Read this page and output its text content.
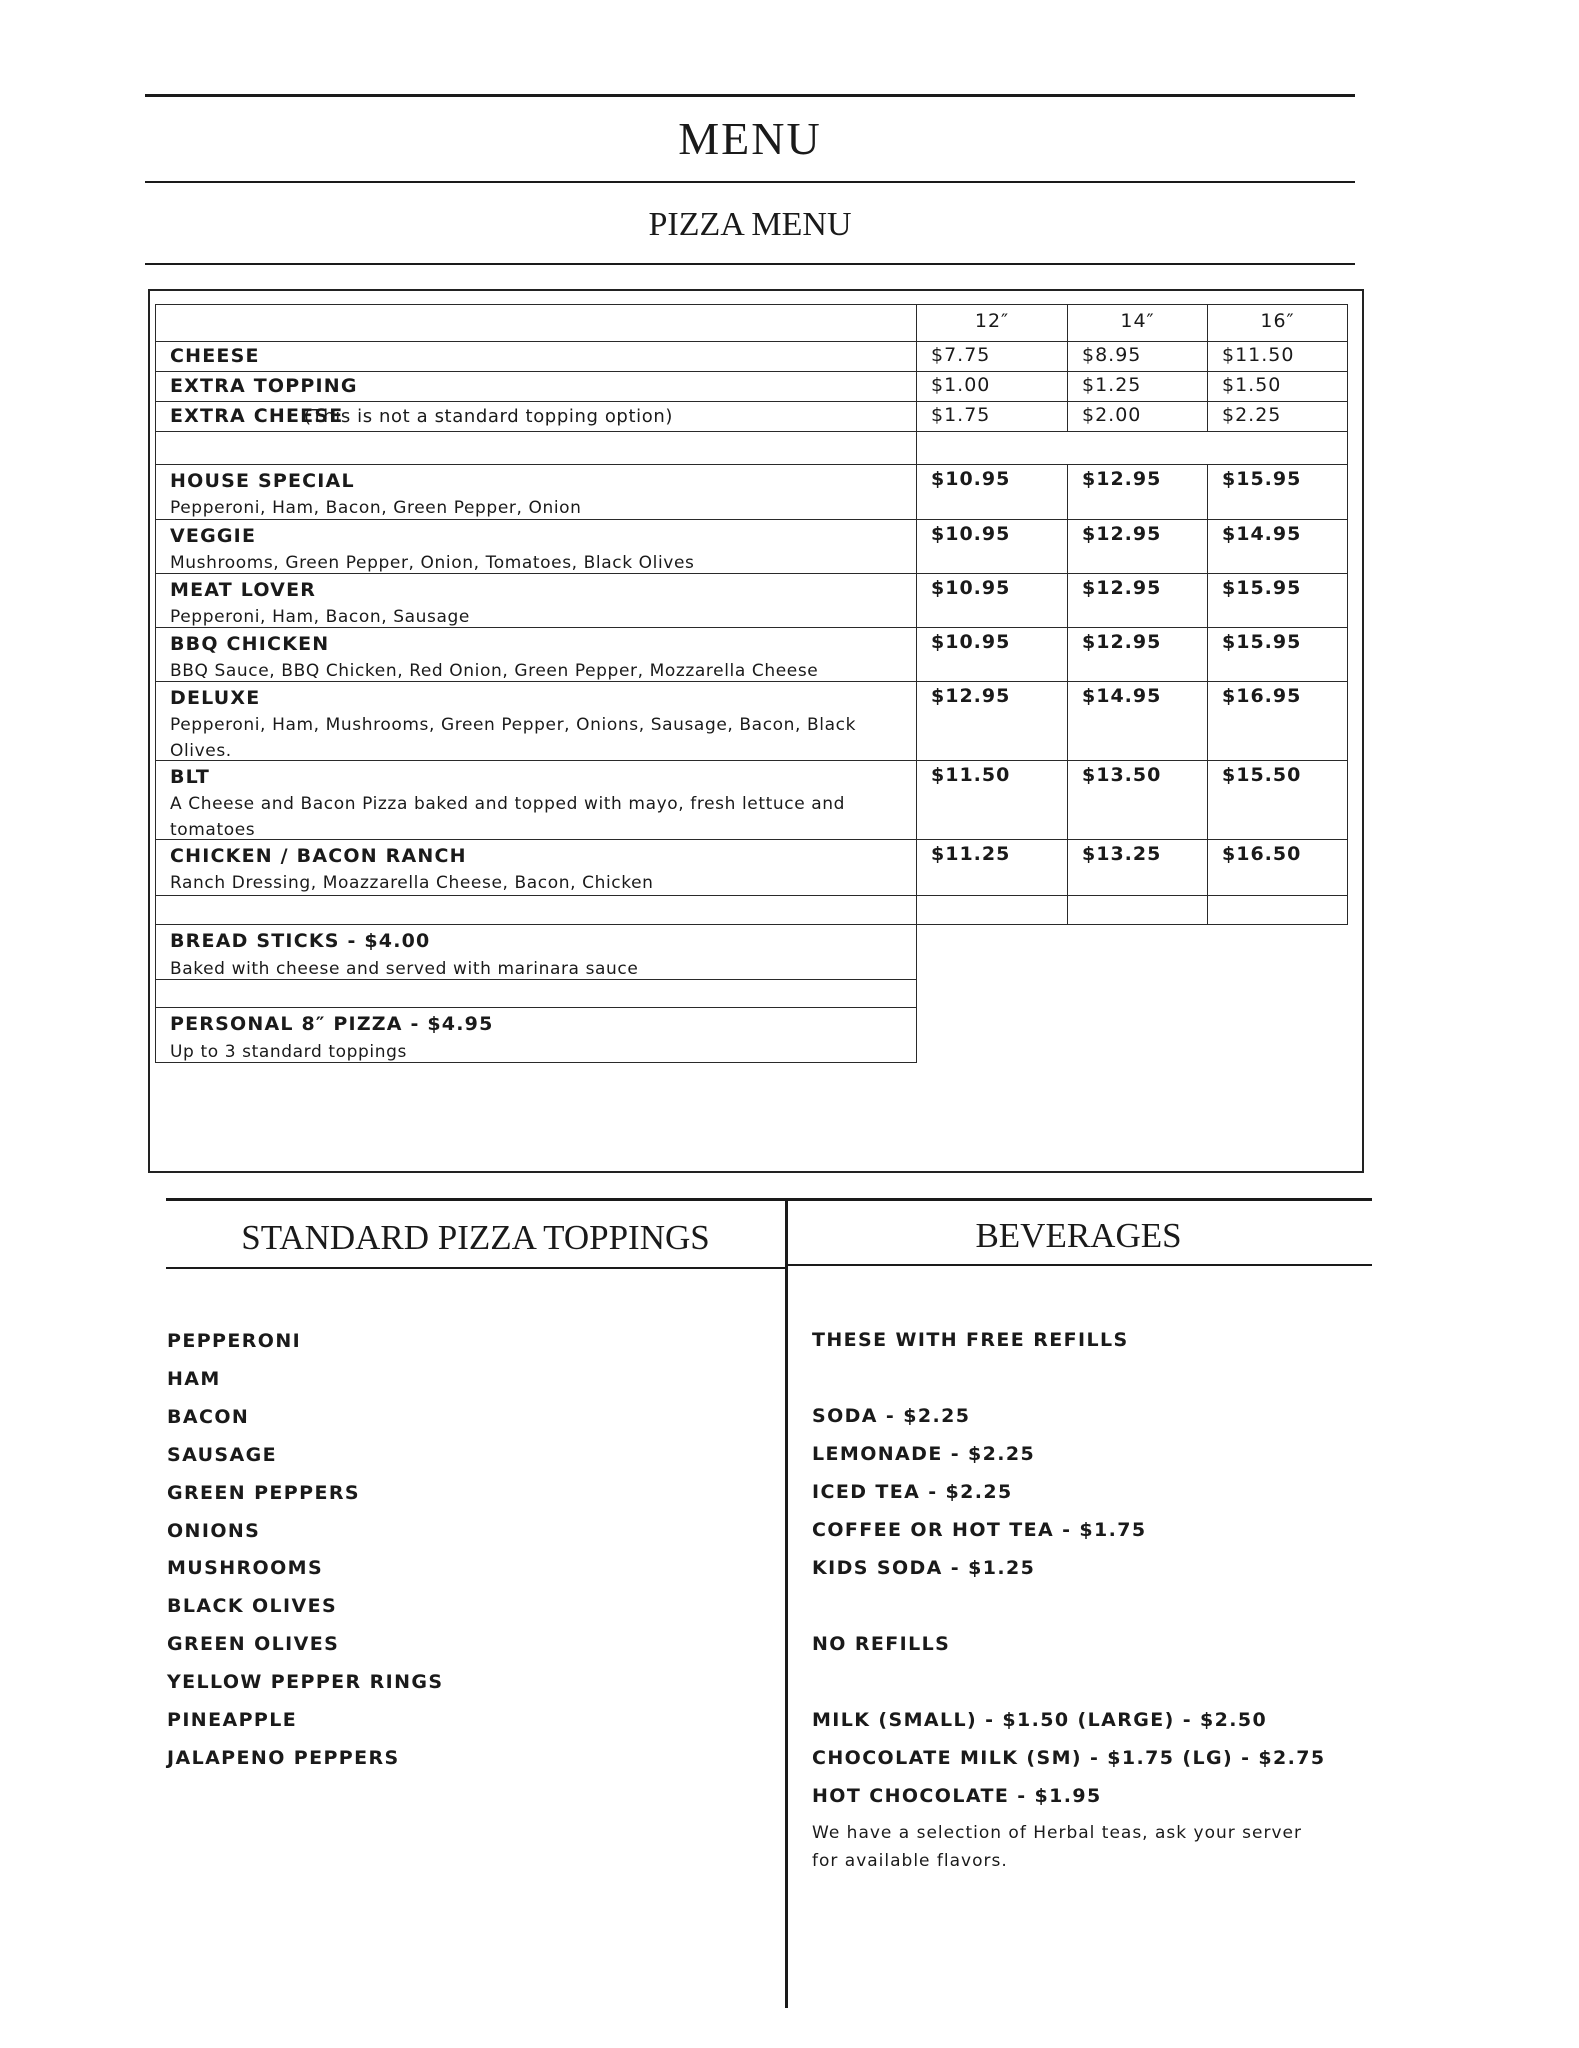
MENU
PIZZA MENU
12″	14″	16″
CHEESE	$7.75	$8.95	$11.50
EXTRA TOPPING	$1.00	$1.25	$1.50
EXTRA CHEESE
(This is not a standard topping option)	$1.75	$2.00	$2.25
HOUSE SPECIAL
Pepperoni, Ham, Bacon, Green Pepper, Onion
$10.95	$12.95	$15.95
VEGGIE
Mushrooms, Green Pepper, Onion, Tomatoes, Black Olives
$10.95	$12.95	$14.95
MEAT LOVER
Pepperoni, Ham, Bacon, Sausage
$10.95	$12.95	$15.95
BBQ CHICKEN
BBQ Sauce, BBQ Chicken, Red Onion, Green Pepper, Mozzarella Cheese
$10.95	$12.95	$15.95
DELUXE
Pepperoni, Ham, Mushrooms, Green Pepper, Onions, Sausage, Bacon, Black Olives.
$12.95	$14.95	$16.95
BLT
A Cheese and Bacon Pizza baked and topped with mayo, fresh lettuce and tomatoes
$11.50	$13.50	$15.50
CHICKEN / BACON RANCH
Ranch Dressing, Moazzarella Cheese, Bacon, Chicken
$11.25	$13.25	$16.50
BREAD STICKS - $4.00
Baked with cheese and served with marinara sauce
PERSONAL 8″ PIZZA - $4.95
Up to 3 standard toppings
STANDARD PIZZA TOPPINGS	BEVERAGES
PEPPERONI
HAM
BACON
SAUSAGE
GREEN PEPPERS
ONIONS
MUSHROOMS
BLACK OLIVES
GREEN OLIVES
YELLOW PEPPER RINGS
PINEAPPLE
JALAPENO PEPPERS
THESE WITH FREE REFILLS
SODA - $2.25
LEMONADE - $2.25
ICED TEA - $2.25
COFFEE OR HOT TEA - $1.75
KIDS SODA - $1.25
NO REFILLS
MILK (SMALL) - $1.50 (LARGE) - $2.50
CHOCOLATE MILK (SM) - $1.75 (LG) - $2.75
HOT CHOCOLATE - $1.95
We have a selection of Herbal teas, ask your server for available flavors.
